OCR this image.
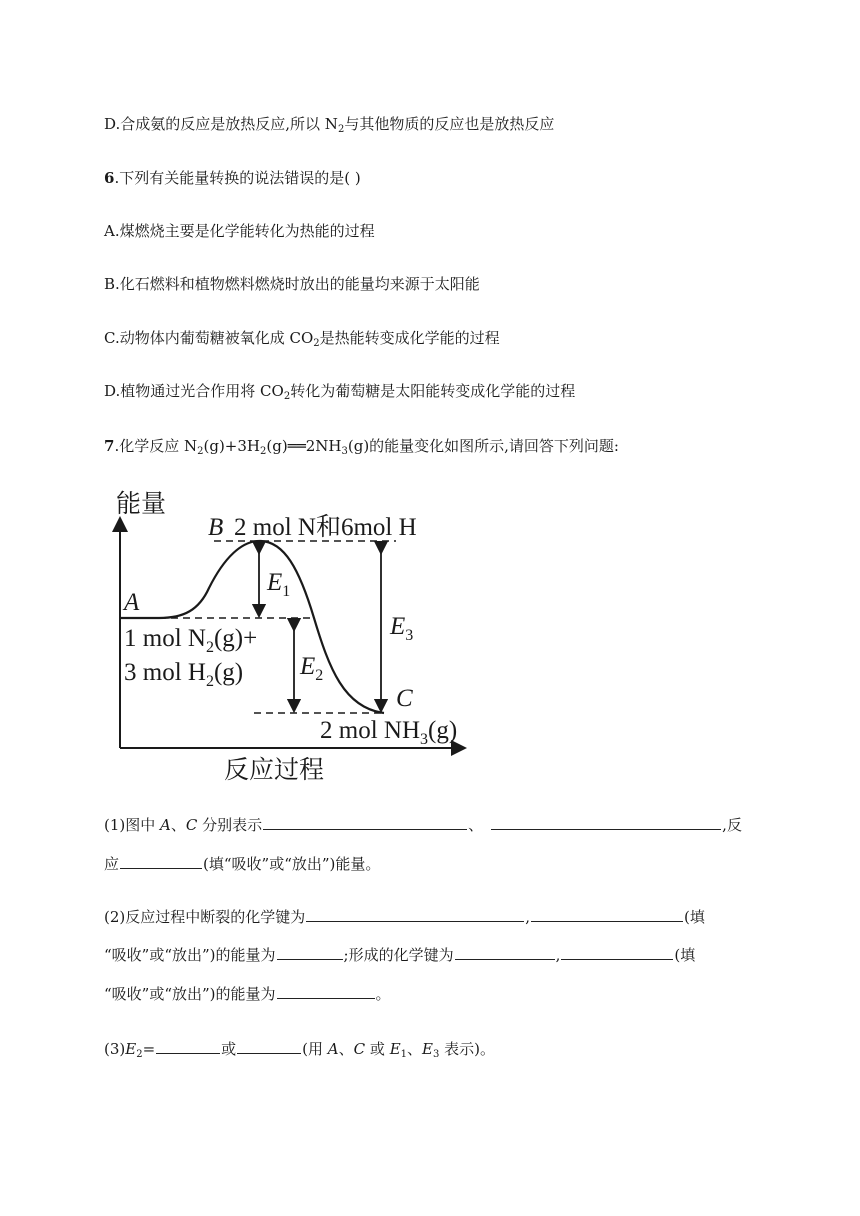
D.合成氨的反应是放热反应,所以 $N_2$与其他物质的反应也是放热反应
6.下列有关能量转换的说法错误的是( )
A.煤燃烧主要是化学能转化为热能的过程
B.化石燃料和植物燃料燃烧时放出的能量均来源于太阳能
C.动物体内葡萄糖被氧化成 $CO_2$是热能转变成化学能的过程
D.植物通过光合作用将 $CO_2$转化为葡萄糖是太阳能转变成化学能的过程
7.化学反应 $N_2(g)+3H_2(g)══2NH_3(g)$的能量变化如图所示,请回答下列问题:
能量
反应过程
B 2 mol N和6mol H
A
1 mol $N_2(g)+$
3 mol $H_2(g)$
$E_1$
$E_2$
$E_3$
C
2 mol $NH_3(g)$
(1)图中 A、C 分别表示	、	,反
应	(填“吸收”或“放出”)能量。
(2)反应过程中断裂的化学键为	,	(填
“吸收”或“放出”)的能量为	;形成的化学键为	,	(填
“吸收”或“放出”)的能量为	。
$(3)E_2=$	或	(用 A、C 或 $E_1$、$E_3$ 表示)。
